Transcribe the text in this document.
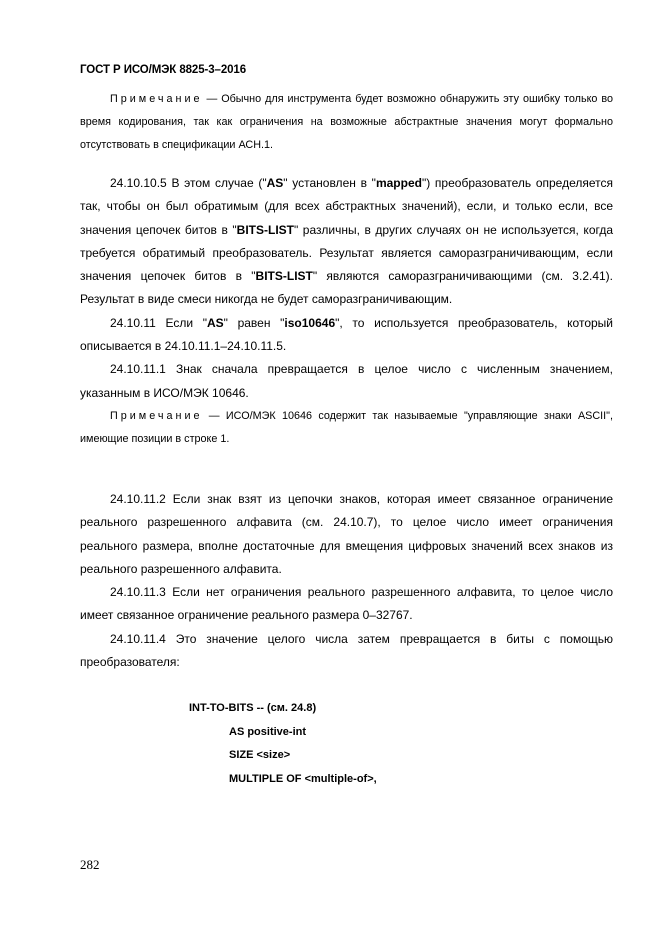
ГОСТ Р ИСО/МЭК 8825-3–2016

Примечание — Обычно для инструмента будет возможно обнаружить эту ошибку только во время кодирования, так как ограничения на возможные абстрактные значения могут формально отсутствовать в спецификации АСН.1.

24.10.10.5 В этом случае ("AS" установлен в "mapped") преобразователь определяется так, чтобы он был обратимым (для всех абстрактных значений), если, и только если, все значения цепочек битов в "BITS-LIST" различны, в других случаях он не используется, когда требуется обратимый преобразователь. Результат является саморазграничивающим, если значения цепочек битов в "BITS-LIST" являются саморазграничивающими (см. 3.2.41). Результат в виде смеси никогда не будет саморазграничивающим.

24.10.11 Если "AS" равен "iso10646", то используется преобразователь, который описывается в 24.10.11.1–24.10.11.5.

24.10.11.1 Знак сначала превращается в целое число с численным значением, указанным в ИСО/МЭК 10646.

Примечание — ИСО/МЭК 10646 содержит так называемые "управляющие знаки ASCII", имеющие позиции в строке 1.

24.10.11.2 Если знак взят из цепочки знаков, которая имеет связанное ограничение реального разрешенного алфавита (см. 24.10.7), то целое число имеет ограничения реального размера, вполне достаточные для вмещения цифровых значений всех знаков из реального разрешенного алфавита.

24.10.11.3 Если нет ограничения реального разрешенного алфавита, то целое число имеет связанное ограничение реального размера 0–32767.

24.10.11.4 Это значение целого числа затем превращается в биты с помощью преобразователя:

INT-TO-BITS -- (см. 24.8)
AS positive-int
SIZE <size>
MULTIPLE OF <multiple-of>,
282
